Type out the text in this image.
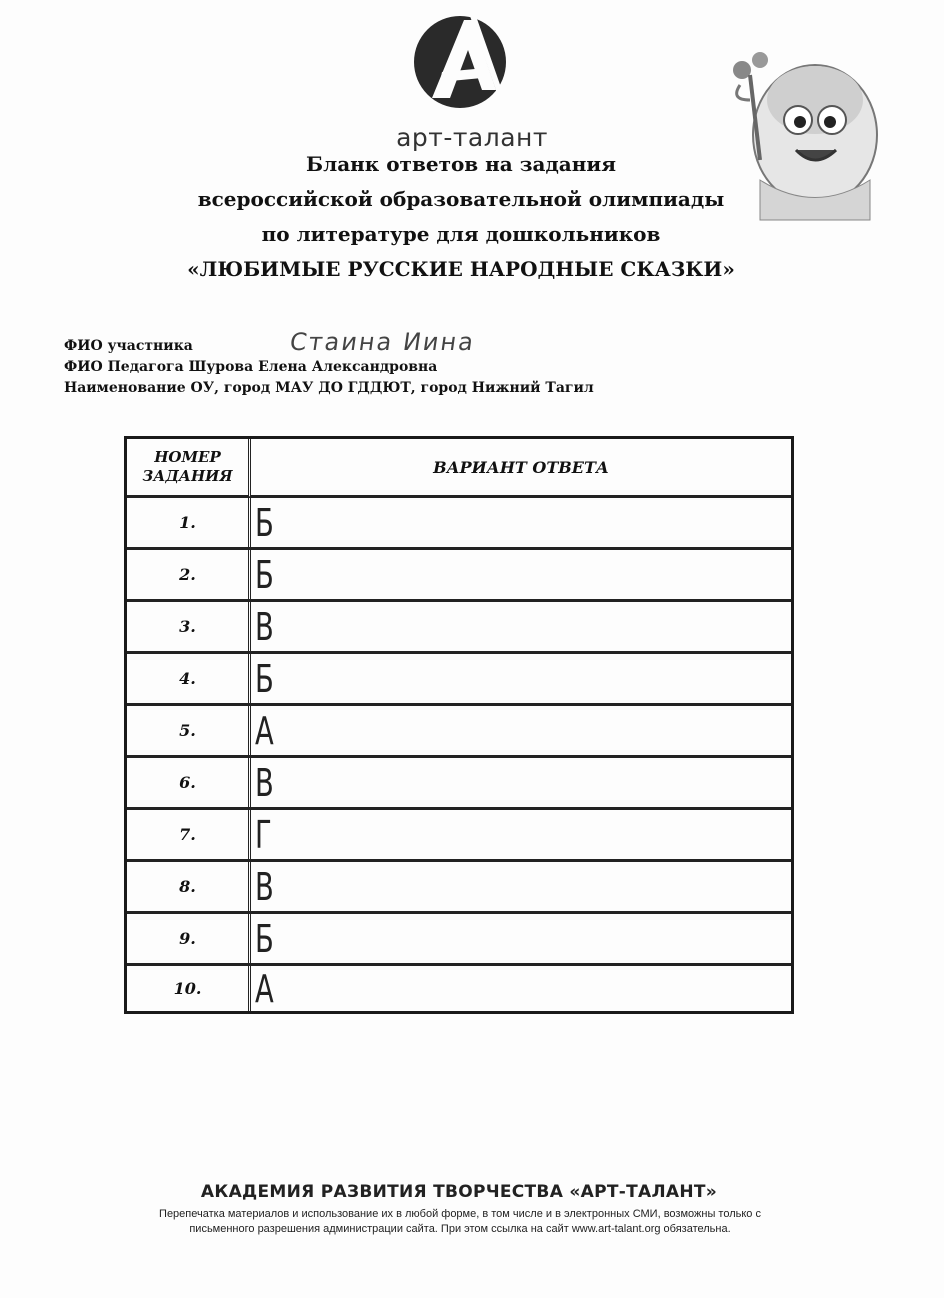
арт-талант
Бланк ответов на задания
всероссийской образовательной олимпиады
по литературе для дошкольников
«ЛЮБИМЫЕ РУССКИЕ НАРОДНЫЕ СКАЗКИ»
ФИО участника	Стаина Иина
ФИО Педагога Шурова Елена Александровна
Наименование ОУ, город МАУ ДО ГДДЮТ, город Нижний Тагил
НОМЕР ЗАДАНИЯ	ВАРИАНТ ОТВЕТА
1.	Б
2.	Б
3.	В
4.	Б
5.	А
6.	В
7.	Г
8.	В
9.	Б
10.	А
АКАДЕМИЯ РАЗВИТИЯ ТВОРЧЕСТВА «АРТ-ТАЛАНТ»
Перепечатка материалов и использование их в любой форме, в том числе и в электронных СМИ, возможны только с
письменного разрешения администрации сайта. При этом ссылка на сайт www.art-talant.org обязательна.
